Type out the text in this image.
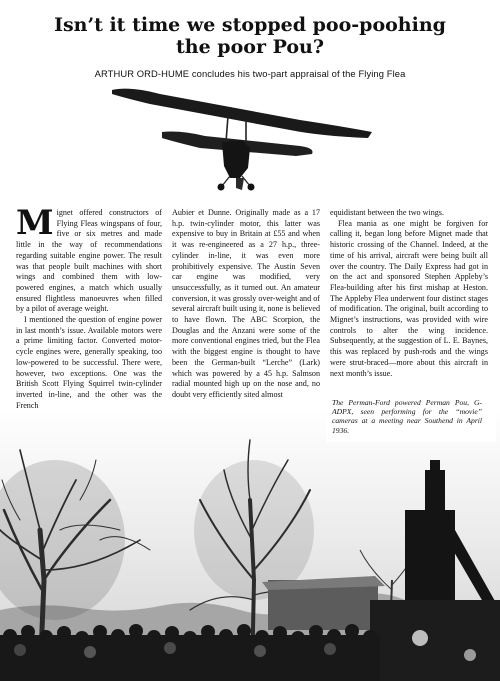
Isn’t it time we stopped poo-poohing
the poor Pou?

ARTHUR ORD-HUME concludes his two-part appraisal of the Flying Flea

Mignet offered constructors of Flying Fleas wingspans of four, five or six metres and made little in the way of recommendations regarding suitable engine power. The result was that people built machines with short wings and combined them with low-powered engines, a match which usually ensured flightless manoeuvres when filled by a pilot of average weight.

I mentioned the question of engine power in last month’s issue. Available motors were a prime limiting factor. Converted motor-cycle engines were, generally speaking, too low-powered to be successful. There were, however, two exceptions. One was the British Scott Flying Squirrel twin-cylinder inverted in-line, and the other was the French

Aubier et Dunne. Originally made as a 17 h.p. twin-cylinder motor, this latter was expensive to buy in Britain at £55 and when it was re-engineered as a 27 h.p., three-cylinder in-line, it was even more prohibitively expensive. The Austin Seven car engine was modified, very unsuccessfully, as it turned out. An amateur conversion, it was grossly over-weight and of several aircraft built using it, none is believed to have flown. The ABC Scorpion, the Douglas and the Anzani were some of the more conventional engines tried, but the Flea with the biggest engine is thought to have been the German-built “Lerche” (Lark) which was powered by a 45 h.p. Salmson radial mounted high up on the nose and, no doubt very efficiently sited almost

equidistant between the two wings.

Flea mania as one might be forgiven for calling it, began long before Mignet made that historic crossing of the Channel. Indeed, at the time of his arrival, aircraft were being built all over the country. The Daily Express had got in on the act and sponsored Stephen Appleby’s Flea-building after his first mishap at Heston. The Appleby Flea underwent four distinct stages of modification. The original, built according to Mignet’s instructions, was provided with wire controls to alter the wing incidence. Subsequently, at the suggestion of L. E. Baynes, this was replaced by push-rods and the wings were strut-braced—more about this aircraft in next month’s issue.

The Perman-Ford powered Perman Pou, G-ADPX, seen performing for the “movie” cameras at a meeting near Southend in April 1936.
